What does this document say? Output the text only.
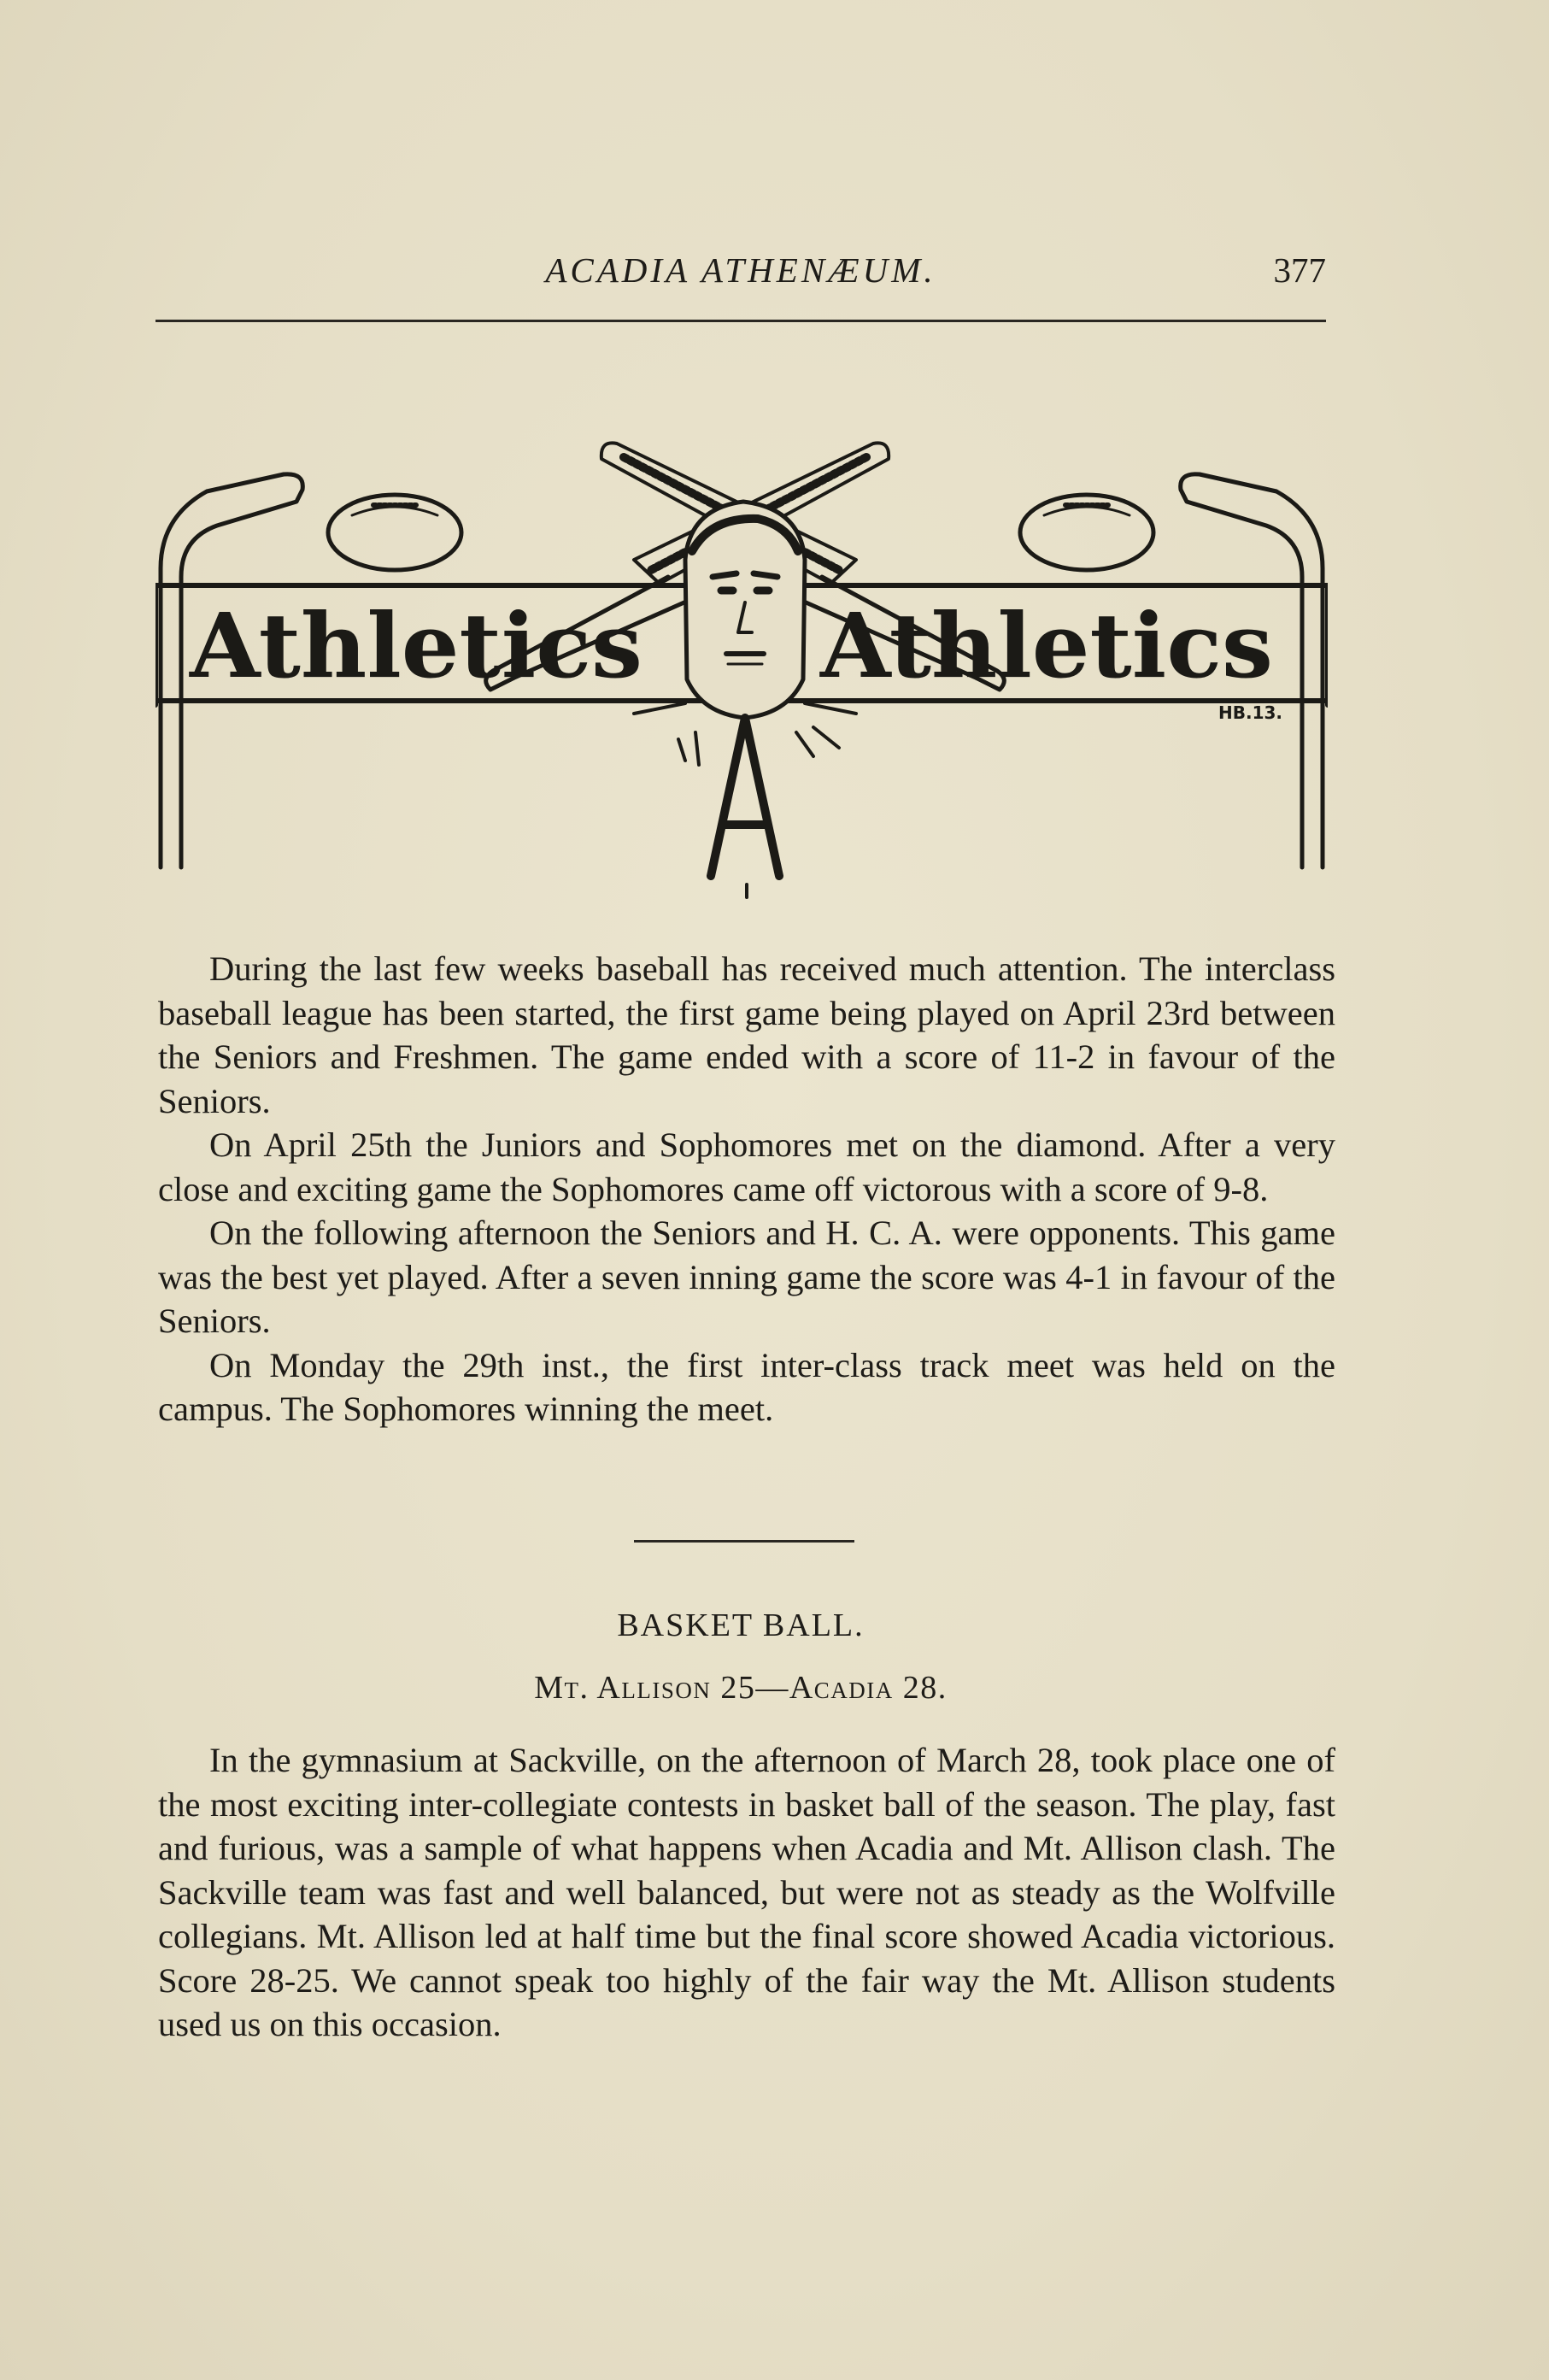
ACADIA ATHENÆUM.	377
Athletics Athletics
HB.13.

During the last few weeks baseball has received much attention. The interclass baseball league has been started, the first game being played on April 23rd between the Seniors and Freshmen. The game ended with a score of 11-2 in favour of the Seniors.

On April 25th the Juniors and Sophomores met on the diamond. After a very close and exciting game the Sophomores came off victorous with a score of 9-8.

On the following afternoon the Seniors and H. C. A. were opponents. This game was the best yet played. After a seven inning game the score was 4-1 in favour of the Seniors.

On Monday the 29th inst., the first inter-class track meet was held on the campus. The Sophomores winning the meet.

BASKET BALL.
Mt. Allison 25—Acadia 28.

In the gymnasium at Sackville, on the afternoon of March 28, took place one of the most exciting inter-collegiate contests in basket ball of the season. The play, fast and furious, was a sample of what happens when Acadia and Mt. Allison clash. The Sackville team was fast and well balanced, but were not as steady as the Wolfville collegians. Mt. Allison led at half time but the final score showed Acadia victorious. Score 28-25. We cannot speak too highly of the fair way the Mt. Allison students used us on this occasion.
